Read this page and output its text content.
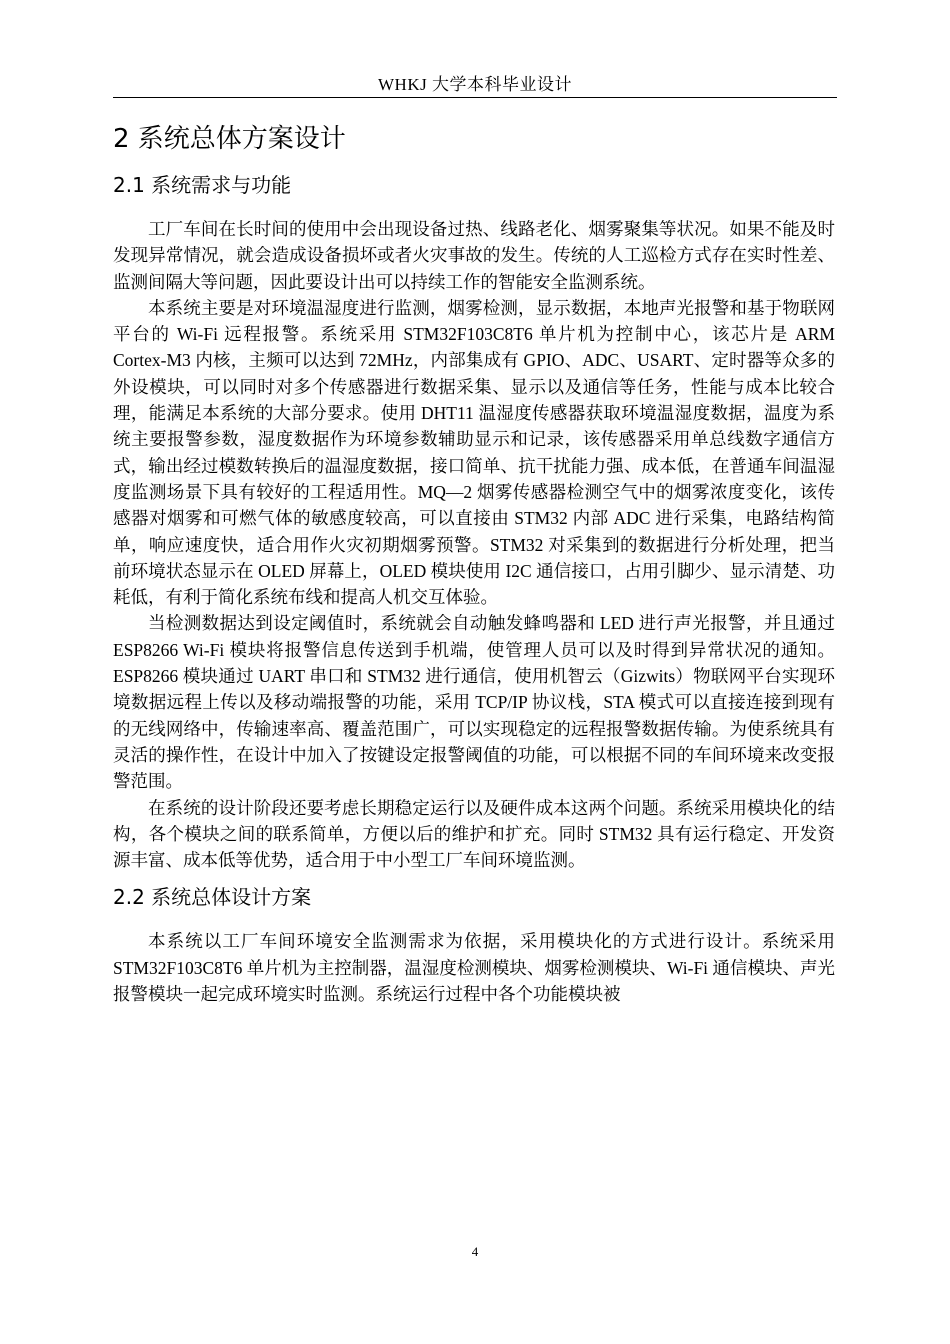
WHKJ 大学本科毕业设计
2 系统总体方案设计
2.1 系统需求与功能

工厂车间在长时间的使用中会出现设备过热、线路老化、烟雾聚集等状况。如果不能及时发现异常情况，就会造成设备损坏或者火灾事故的发生。传统的人工巡检方式存在实时性差、监测间隔大等问题，因此要设计出可以持续工作的智能安全监测系统。

本系统主要是对环境温湿度进行监测，烟雾检测，显示数据，本地声光报警和基于物联网平台的 Wi-Fi 远程报警。系统采用 STM32F103C8T6 单片机为控制中心，该芯片是 ARM Cortex-M3 内核，主频可以达到 72MHz，内部集成有 GPIO、ADC、USART、定时器等众多的外设模块，可以同时对多个传感器进行数据采集、显示以及通信等任务，性能与成本比较合理，能满足本系统的大部分要求。使用 DHT11 温湿度传感器获取环境温湿度数据，温度为系统主要报警参数，湿度数据作为环境参数辅助显示和记录，该传感器采用单总线数字通信方式，输出经过模数转换后的温湿度数据，接口简单、抗干扰能力强、成本低，在普通车间温湿度监测场景下具有较好的工程适用性。MQ—2 烟雾传感器检测空气中的烟雾浓度变化，该传感器对烟雾和可燃气体的敏感度较高，可以直接由 STM32 内部 ADC 进行采集，电路结构简单，响应速度快，适合用作火灾初期烟雾预警。STM32 对采集到的数据进行分析处理，把当前环境状态显示在 OLED 屏幕上，OLED 模块使用 I2C 通信接口，占用引脚少、显示清楚、功耗低，有利于简化系统布线和提高人机交互体验。

当检测数据达到设定阈值时，系统就会自动触发蜂鸣器和 LED 进行声光报警，并且通过 ESP8266 Wi-Fi 模块将报警信息传送到手机端，使管理人员可以及时得到异常状况的通知。ESP8266 模块通过 UART 串口和 STM32 进行通信，使用机智云（Gizwits）物联网平台实现环境数据远程上传以及移动端报警的功能，采用 TCP/IP 协议栈，STA 模式可以直接连接到现有的无线网络中，传输速率高、覆盖范围广，可以实现稳定的远程报警数据传输。为使系统具有灵活的操作性，在设计中加入了按键设定报警阈值的功能，可以根据不同的车间环境来改变报警范围。

在系统的设计阶段还要考虑长期稳定运行以及硬件成本这两个问题。系统采用模块化的结构，各个模块之间的联系简单，方便以后的维护和扩充。同时 STM32 具有运行稳定、开发资源丰富、成本低等优势，适合用于中小型工厂车间环境监测。

2.2 系统总体设计方案

本系统以工厂车间环境安全监测需求为依据，采用模块化的方式进行设计。系统采用 STM32F103C8T6 单片机为主控制器，温湿度检测模块、烟雾检测模块、Wi-Fi 通信模块、声光报警模块一起完成环境实时监测。系统运行过程中各个功能模块被

4
